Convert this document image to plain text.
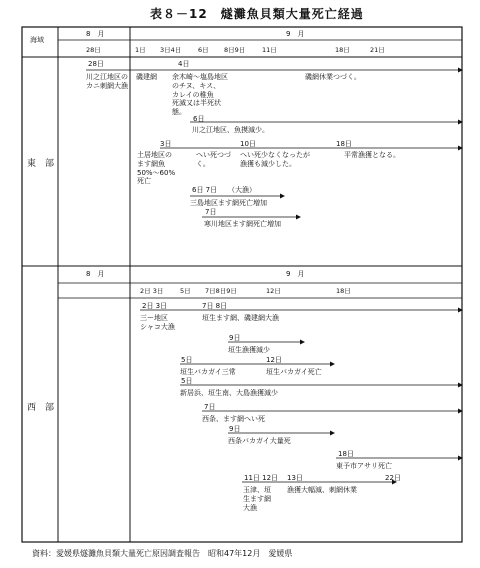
表８－12　燧灘魚貝類大量死亡経過
海域
8　月	9　月
28日	1日 3日4日	6日 8日9日	11日	18日	21日
東　部
28日
川之江地区の
カニ刺網大漁
磯建網
4日
余木崎～塩島地区
のチヌ、キス、
カレイの稚魚
死滅又は半死状
態。
磯網休業つづく。
6日
川之江地区、魚摸減少。
3日
土居地区の
ます網魚
50%～60%
死亡
へい死つづ
く。
10日
へい死少なくなったが
漁獲も減少した。
18日
平常漁獲となる。
6日 7日 （大漁）
三島地区ます網死亡増加
7日
寒川地区ます網死亡増加
8　月	9　月
2日 3日	5日 7日8日9日	12日	18日
西　部
2日 3日
三ー地区
シャコ大漁
7日 8日
垣生ます網、磯建網大漁
9日
垣生漁獲減少
5日
垣生バカガイ三常
12日
垣生バカガイ死亡
5日
新居浜、垣生南、大島漁獲減少
7日
西条、ます網へい死
9日
西条バカガイ大量死
18日
東予市アサリ死亡
11日 12日
玉津、垣
生ます網
大漁
13日
漁獲大幅減、刺網休業
22日
資料：愛媛県燧灘魚貝類大量死亡原因調査報告　昭和47年12月　愛媛県
